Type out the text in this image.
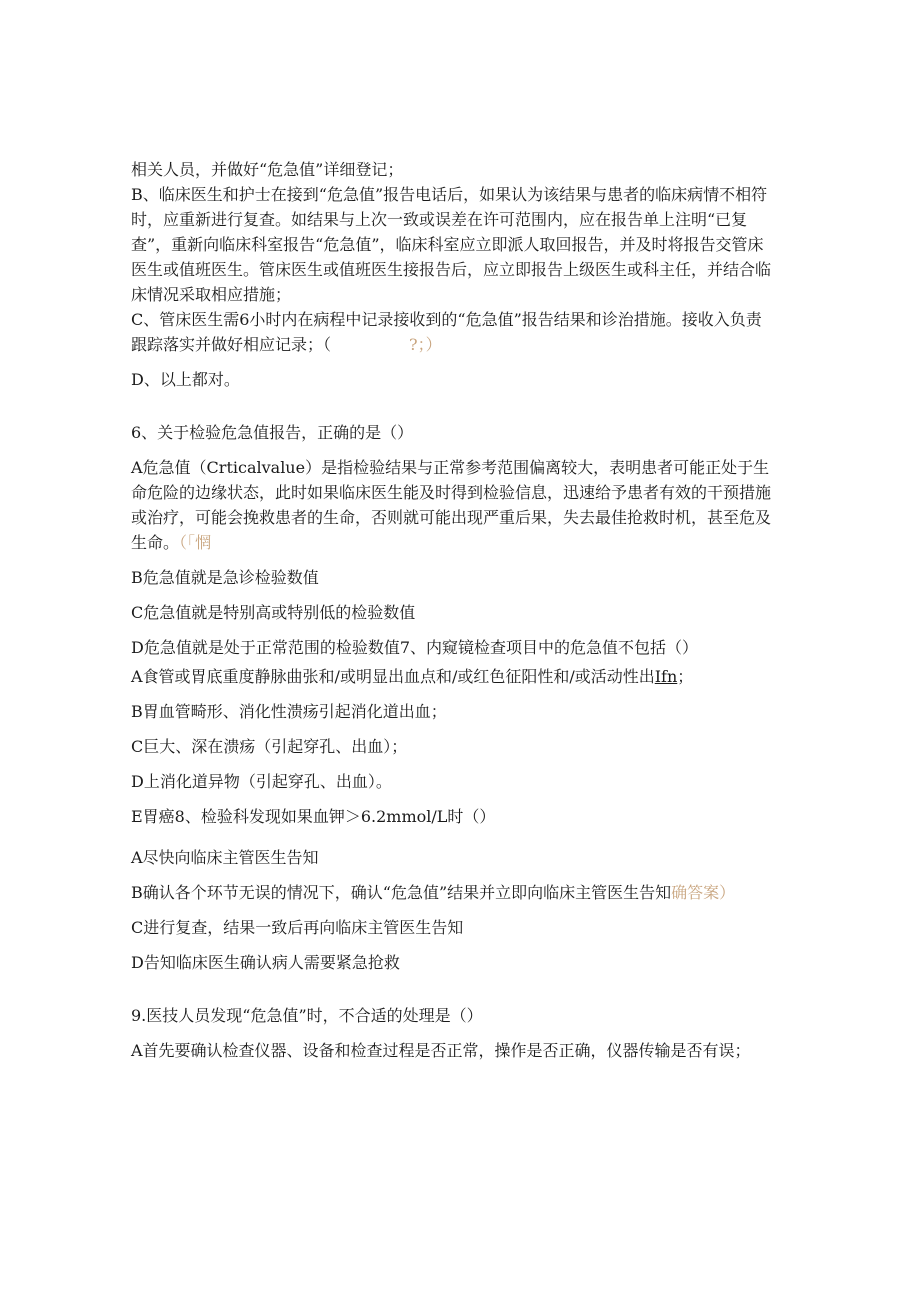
相关人员，并做好“危急值”详细登记；

B、临床医生和护士在接到“危急值”报告电话后，如果认为该结果与患者的临床病情不相符时，应重新进行复查。如结果与上次一致或误差在许可范围内，应在报告单上注明“已复查”，重新向临床科室报告“危急值”，临床科室应立即派人取回报告，并及时将报告交管床医生或值班医生。管床医生或值班医生接报告后，应立即报告上级医生或科主任，并结合临床情况采取相应措施；

C、管床医生需6小时内在病程中记录接收到的“危急值”报告结果和诊治措施。接收入负责跟踪落实并做好相应记录；（	?；）

D、以上都对。

6、关于检验危急值报告，正确的是（）

A危急值（Crticalvalue）是指检验结果与正常参考范围偏离较大，表明患者可能正处于生命危险的边缘状态，此时如果临床医生能及时得到检验信息，迅速给予患者有效的干预措施或治疗，可能会挽救患者的生命，否则就可能出现严重后果，失去最佳抢救时机，甚至危及生命。（「惘

B危急值就是急诊检验数值

C危急值就是特别高或特别低的检验数值

D危急值就是处于正常范围的检验数值7、内窥镜检查项目中的危急值不包括（）

A食管或胃底重度静脉曲张和/或明显出血点和/或红色征阳性和/或活动性出Ifn；

B胃血管畸形、消化性溃疡引起消化道出血；

C巨大、深在溃疡（引起穿孔、出血）；

D上消化道异物（引起穿孔、出血）。

E胃癌8、检验科发现如果血钾＞6.2mmol/L时（）

A尽快向临床主管医生告知

B确认各个环节无误的情况下，确认“危急值”结果并立即向临床主管医生告知确答案）

C进行复查，结果一致后再向临床主管医生告知

D告知临床医生确认病人需要紧急抢救

9.医技人员发现“危急值”时，不合适的处理是（）

A首先要确认检查仪器、设备和检查过程是否正常，操作是否正确，仪器传输是否有误；
